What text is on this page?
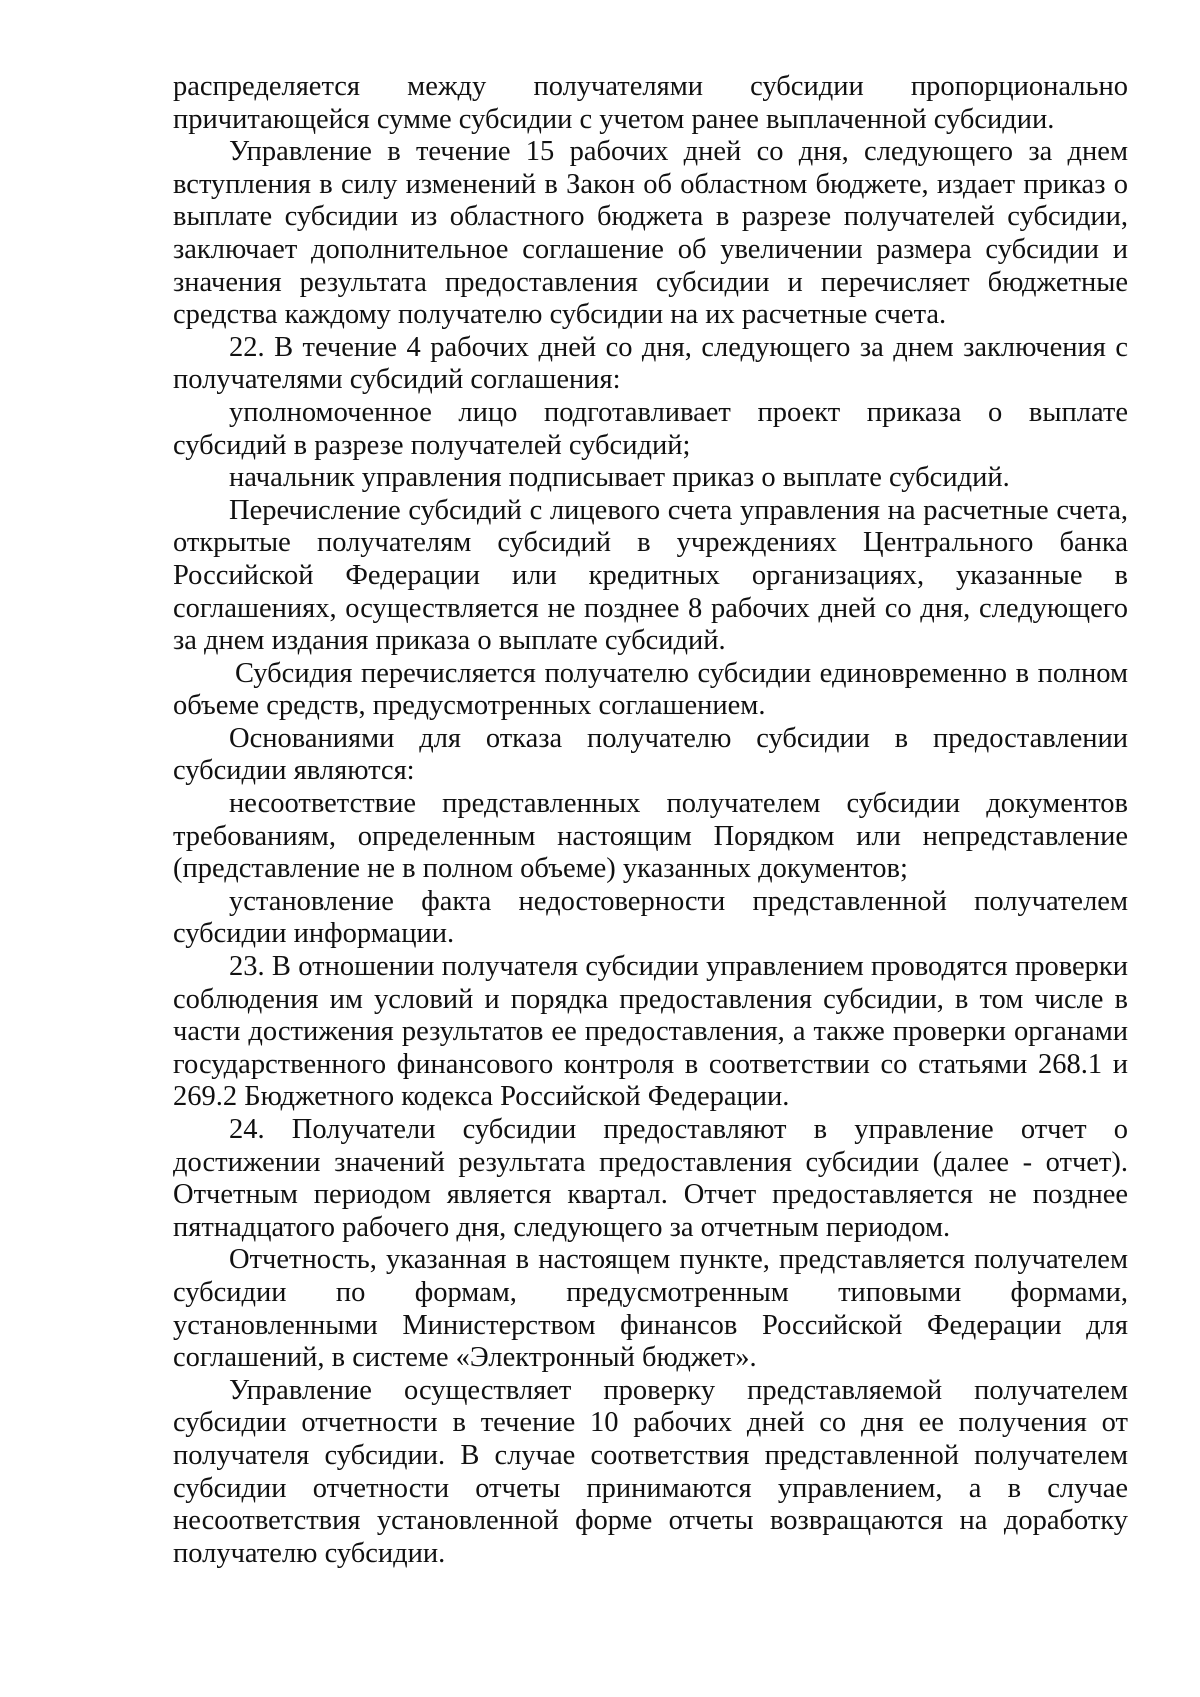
распределяется между получателями субсидии пропорционально причитающейся сумме субсидии с учетом ранее выплаченной субсидии.

Управление в течение 15 рабочих дней со дня, следующего за днем вступления в силу изменений в Закон об областном бюджете, издает приказ о выплате субсидии из областного бюджета в разрезе получателей субсидии, заключает дополнительное соглашение об увеличении размера субсидии и значения результата предоставления субсидии и перечисляет бюджетные средства каждому получателю субсидии на их расчетные счета.

22. В течение 4 рабочих дней со дня, следующего за днем заключения с получателями субсидий соглашения:

уполномоченное лицо подготавливает проект приказа о выплате субсидий в разрезе получателей субсидий;

начальник управления подписывает приказ о выплате субсидий.

Перечисление субсидий с лицевого счета управления на расчетные счета, открытые получателям субсидий в учреждениях Центрального банка Российской Федерации или кредитных организациях, указанные в соглашениях, осуществляется не позднее 8 рабочих дней со дня, следующего за днем издания приказа о выплате субсидий.

Субсидия перечисляется получателю субсидии единовременно в полном объеме средств, предусмотренных соглашением.

Основаниями для отказа получателю субсидии в предоставлении субсидии являются:

несоответствие представленных получателем субсидии документов требованиям, определенным настоящим Порядком или непредставление (представление не в полном объеме) указанных документов;

установление факта недостоверности представленной получателем субсидии информации.

23. В отношении получателя субсидии управлением проводятся проверки соблюдения им условий и порядка предоставления субсидии, в том числе в части достижения результатов ее предоставления, а также проверки органами государственного финансового контроля в соответствии со статьями 268.1 и 269.2 Бюджетного кодекса Российской Федерации.

24. Получатели субсидии предоставляют в управление отчет о достижении значений результата предоставления субсидии (далее - отчет). Отчетным периодом является квартал. Отчет предоставляется не позднее пятнадцатого рабочего дня, следующего за отчетным периодом.

Отчетность, указанная в настоящем пункте, представляется получателем субсидии по формам, предусмотренным типовыми формами, установленными Министерством финансов Российской Федерации для соглашений, в системе «Электронный бюджет».

Управление осуществляет проверку представляемой получателем субсидии отчетности в течение 10 рабочих дней со дня ее получения от получателя субсидии. В случае соответствия представленной получателем субсидии отчетности отчеты принимаются управлением, а в случае несоответствия установленной форме отчеты возвращаются на доработку получателю субсидии.
